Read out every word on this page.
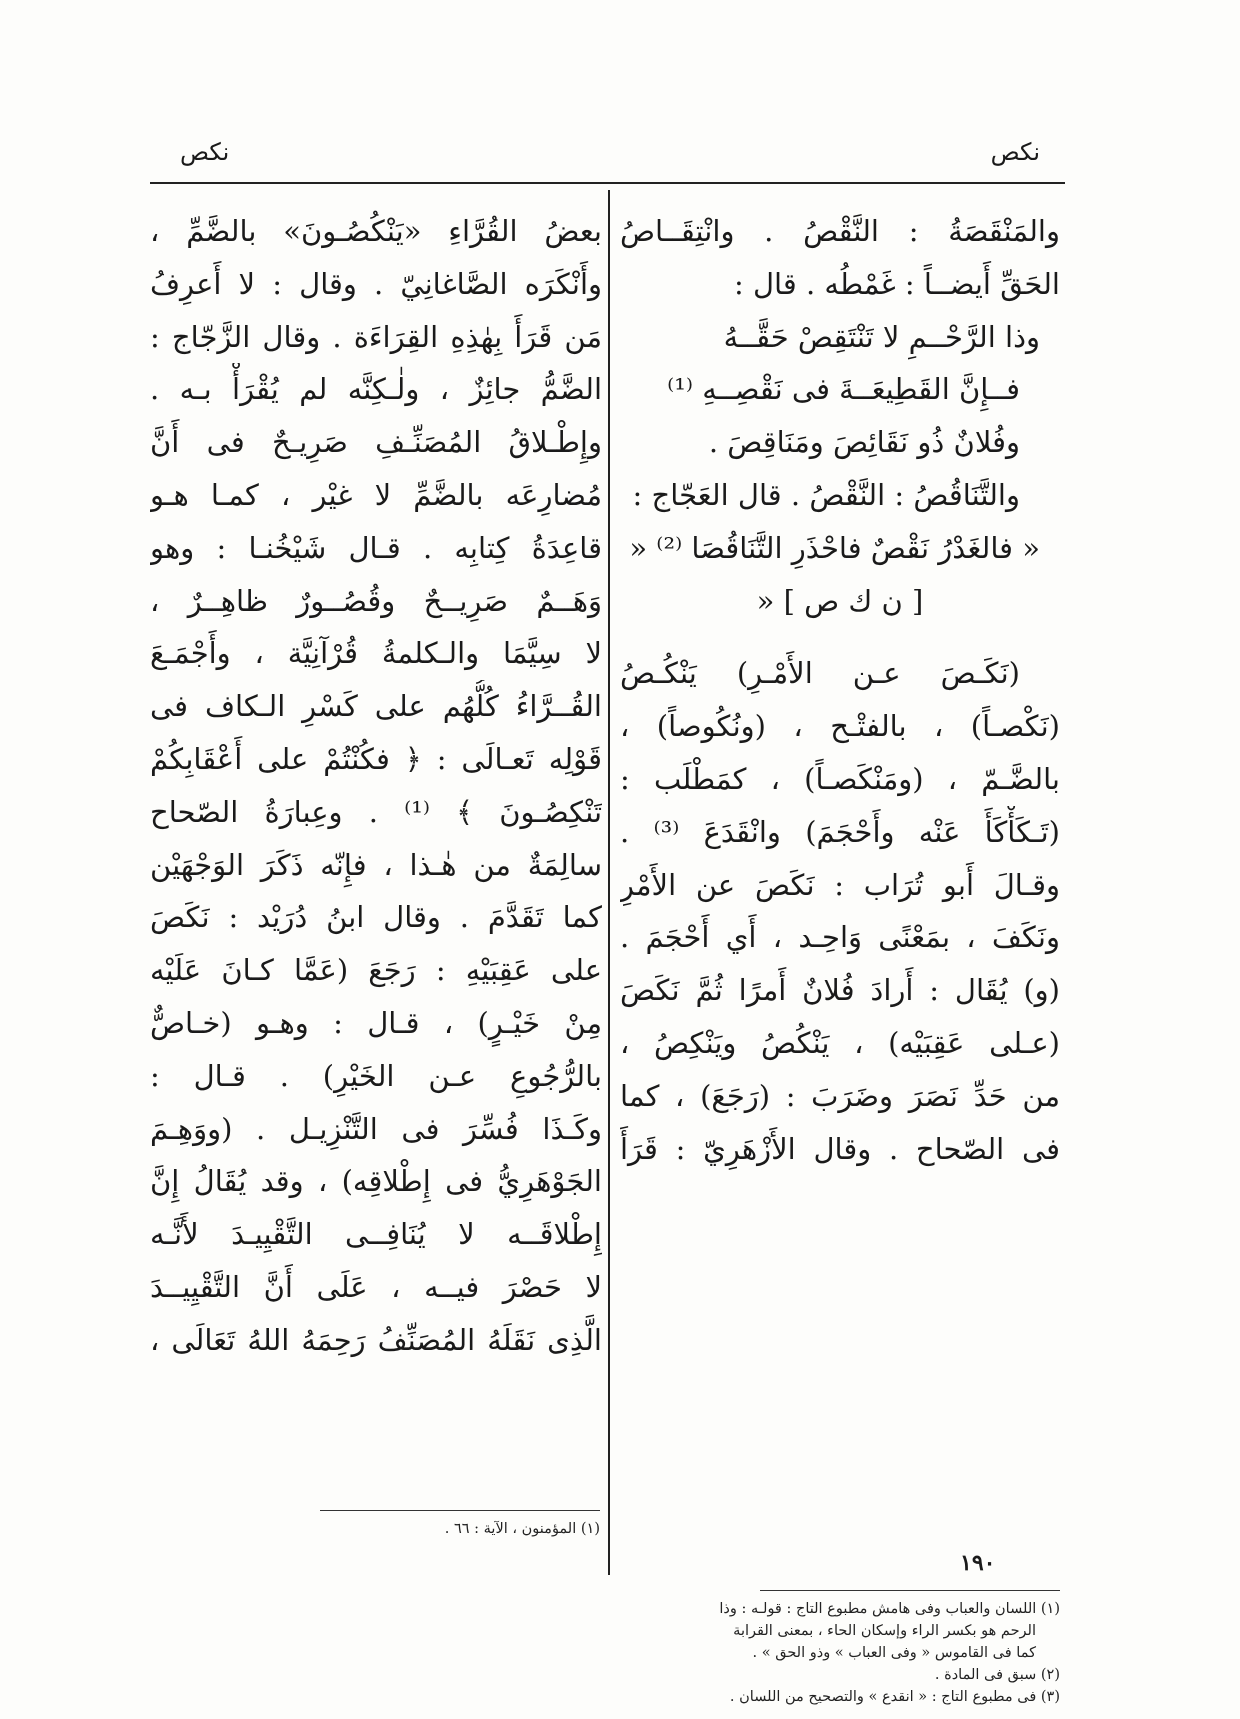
نكص
نكص
والمَنْقَصَةُ : النَّقْصُ . وانْتِقَــاصُ
الحَقِّ أَيضــاً : غَمْطُه . قال :
وذا الرَّحْــمِ لا تَنْتَقِصْ حَقَّــهُ
فــإِنَّ القَطِيعَــةَ فى نَقْصِــهِ ⁽¹⁾
وفُلانٌ ذُو نَقَائِصَ ومَنَاقِصَ .
والتَّنَاقُصُ : النَّقْصُ . قال العَجّاج :
« فالغَدْرُ نَقْصٌ فاحْذَرِ التَّنَاقُصَا ⁽²⁾ «
[ ن ك ص ] «
(نَكَـصَ عـن الأَمْـرِ) يَنْكُـصُ
(نَكْصـاً) ، بالفتْـح ، (ونُكُوصاً) ،
بالضَّـمّ ، (ومَنْكَصـاً) ، كمَطْلَب :
(تَـكَأْكَأَ عَنْه وأَحْجَمَ) وانْقَدَعَ ⁽³⁾ .
وقـالَ أَبو تُرَاب : نَكَصَ عن الأَمْرِ
ونَكَفَ ، بمَعْنًى وَاحِـد ، أَي أَحْجَمَ .
(و) يُقَال : أَرادَ فُلانٌ أَمرًا ثُمَّ نَكَصَ
(عـلى عَقِبَيْه) ، يَنْكُصُ ويَنْكِصُ ،
من حَدِّ نَصَرَ وضَرَبَ : (رَجَعَ) ، كما
فى الصّحاح . وقال الأَزْهَرِيّ : قَرَأَ
(١) اللسان والعباب وفى هامش مطبوع التاج : قولـه : وذا
الرحم هو بكسر الراء وإسكان الحاء ، بمعنى القرابة
كما فى القاموس « وفى العباب » وذو الحق » .
(٢) سبق فى المادة .
(٣) فى مطبوع التاج : « انقدع » والتصحيح من اللسان .
بعضُ القُرَّاءِ «يَنْكُصُـونَ» بالضَّمِّ ،
وأَنْكَرَه الصَّاغانِيّ . وقال : لا أَعرِفُ
مَن قَرَأَ بِهٰذِهِ القِرَاءَة . وقال الزَّجّاج :
الضَّمُّ جائِزٌ ، ولٰـكِنَّه لم يُقْرَأْ بـه .
وإِطْـلاقُ المُصَنِّـفِ صَرِيـحٌ فى أَنَّ
مُضارِعَه بالضَّمِّ لا غيْر ، كمـا هـو
قاعِدَةُ كِتابِه . قـال شَيْخُنـا : وهو
وَهَــمٌ صَرِيــحٌ وقُصُــورٌ ظاهِــرٌ ،
لا سِيَّمَا والـكلمةُ قُرْآنِيَّة ، وأَجْمَـعَ
القُــرَّاءُ كُلُّهُم على كَسْرِ الـكاف فى
قَوْلِه تَعـالَى : ﴿ فكُنْتُمْ على أَعْقَابِكُمْ
تَنْكِصُـونَ ﴾ ⁽¹⁾ . وعِبارَةُ الصّحاح
سالِمَةٌ من هٰـذا ، فإِنّه ذَكَرَ الوَجْهَيْن
كما تَقَدَّمَ . وقال ابنُ دُرَيْد : نَكَصَ
على عَقِبَيْهِ : رَجَعَ (عَمَّا كـانَ عَلَيْه
مِنْ خَيْـرٍ) ، قـال : وهـو (خـاصٌّ
بالرُّجُوعِ عـن الخَيْرِ) . قـال :
وكَـذَا فُسِّرَ فى التَّنْزِيـل . (ووَهِـمَ
الجَوْهَرِيُّ فى إِطْلاقِه) ، وقد يُقَالُ إِنَّ
إِطْلاقَــه لا يُنَافِــى التَّقْيِيـدَ لأَنَّـه
لا حَصْرَ فيــه ، عَلَى أَنَّ التَّقْيِيــدَ
الَّذِى نَقَلَهُ المُصَنِّفُ رَحِمَهُ اللهُ تَعَالَى ،
(١) المؤمنون ، الآية : ٦٦ .
١٩٠
